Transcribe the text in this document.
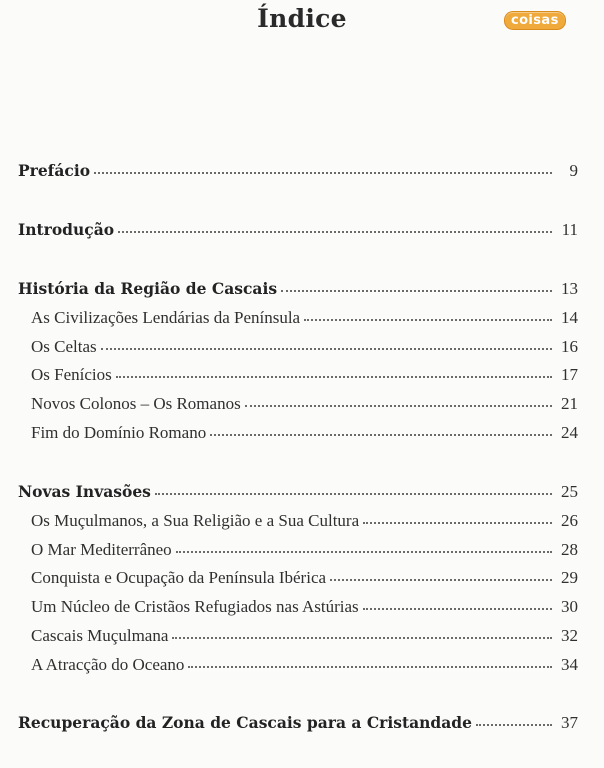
Índice	coisas
Prefácio	9
Introdução	11
História da Região de Cascais	13
As Civilizações Lendárias da Península	14
Os Celtas	16
Os Fenícios	17
Novos Colonos – Os Romanos	21
Fim do Domínio Romano	24
Novas Invasões	25
Os Muçulmanos, a Sua Religião e a Sua Cultura	26
O Mar Mediterrâneo	28
Conquista e Ocupação da Península Ibérica	29
Um Núcleo de Cristãos Refugiados nas Astúrias	30
Cascais Muçulmana	32
A Atracção do Oceano	34
Recuperação da Zona de Cascais para a Cristandade	37
